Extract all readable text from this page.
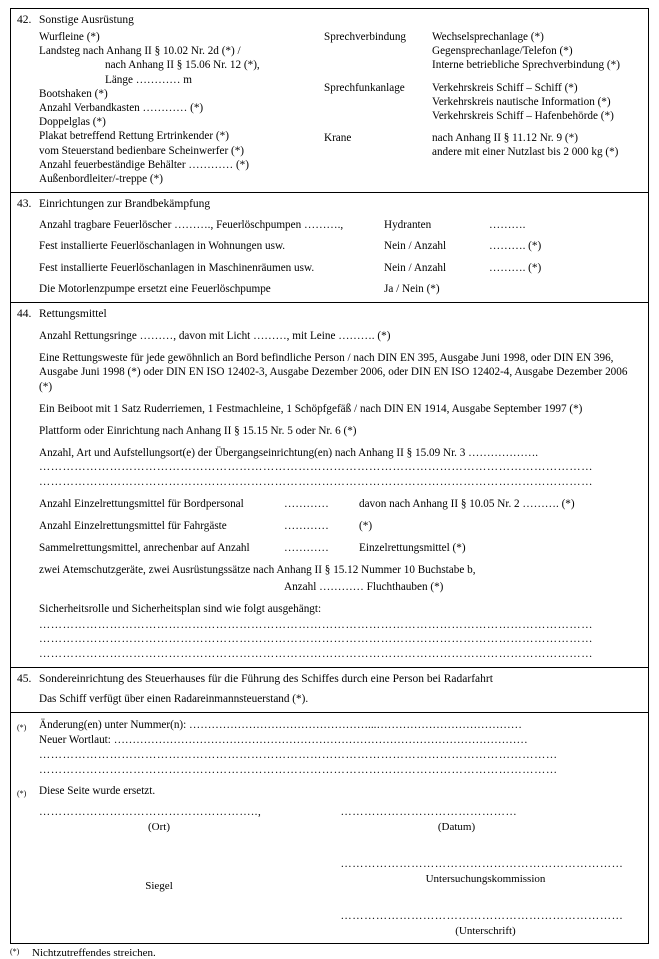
42. Sonstige Ausrüstung
Wurfleine (*)
Landsteg nach Anhang II § 10.02 Nr. 2d (*) /
nach Anhang II § 15.06 Nr. 12 (*),
Länge ………… m
Bootshaken (*)
Anzahl Verbandkasten ………… (*)
Doppelglas (*)
Plakat betreffend Rettung Ertrinkender (*)
vom Steuerstand bedienbare Scheinwerfer (*)
Anzahl feuerbeständige Behälter ………… (*)
Außenbordleiter/-treppe (*)
Sprechverbindung	Wechselsprechanlage (*)
Gegensprechanlage/Telefon (*)
Interne betriebliche Sprechverbindung (*)
Sprechfunkanlage	Verkehrskreis Schiff – Schiff (*)
Verkehrskreis nautische Information (*)
Verkehrskreis Schiff – Hafenbehörde (*)
Krane	nach Anhang II § 11.12 Nr. 9 (*)
andere mit einer Nutzlast bis 2 000 kg (*)
43. Einrichtungen zur Brandbekämpfung
Anzahl tragbare Feuerlöscher ………., Feuerlöschpumpen ……….,	Hydranten	……….
Fest installierte Feuerlöschanlagen in Wohnungen usw.	Nein / Anzahl	………. (*)
Fest installierte Feuerlöschanlagen in Maschinenräumen usw.	Nein / Anzahl	………. (*)
Die Motorlenzpumpe ersetzt eine Feuerlöschpumpe	Ja / Nein (*)
44. Rettungsmittel
Anzahl Rettungsringe ………, davon mit Licht ………, mit Leine ………. (*)
Eine Rettungsweste für jede gewöhnlich an Bord befindliche Person / nach DIN EN 395, Ausgabe Juni 1998, oder DIN EN 396, Ausgabe Juni 1998 (*) oder DIN EN ISO 12402-3, Ausgabe Dezember 2006, oder DIN EN ISO 12402-4, Ausgabe Dezember 2006 (*)
Ein Beiboot mit 1 Satz Ruderriemen, 1 Festmachleine, 1 Schöpfgefäß / nach DIN EN 1914, Ausgabe September 1997 (*)
Plattform oder Einrichtung nach Anhang II § 15.15 Nr. 5 oder Nr. 6 (*)
Anzahl, Art und Aufstellungsort(e) der Übergangseinrichtung(en) nach Anhang II § 15.09 Nr. 3 ……………….
……………………………………………………………………………………………………………………………
……………………………………………………………………………………………………………………………
Anzahl Einzelrettungsmittel für Bordpersonal	…………	davon nach Anhang II § 10.05 Nr. 2 ………. (*)
Anzahl Einzelrettungsmittel für Fahrgäste	…………	(*)
Sammelrettungsmittel, anrechenbar auf Anzahl	…………	Einzelrettungsmittel (*)
zwei Atemschutzgeräte, zwei Ausrüstungssätze nach Anhang II § 15.12 Nummer 10 Buchstabe b,
Anzahl ………… Fluchthauben (*)
Sicherheitsrolle und Sicherheitsplan sind wie folgt ausgehängt:
……………………………………………………………………………………………………………………………
……………………………………………………………………………………………………………………………
……………………………………………………………………………………………………………………………
45. Sondereinrichtung des Steuerhauses für die Führung des Schiffes durch eine Person bei Radarfahrt
Das Schiff verfügt über einen Radareinmannsteuerstand (*).
(*)	Änderung(en) unter Nummer(n): …………………………………………...…………………………………
Neuer Wortlaut: …………………………………………………………………………………………………
……………………………………………………………………………………………………………………
……………………………………………………………………………………………………………………
(*)	Diese Seite wurde ersetzt.
………………………………………………..,
(Ort)
………………………………………
(Datum)
Siegel
………………………………………………………………
Untersuchungskommission
………………………………………………………………
(Unterschrift)
(*) Nichtzutreffendes streichen.
